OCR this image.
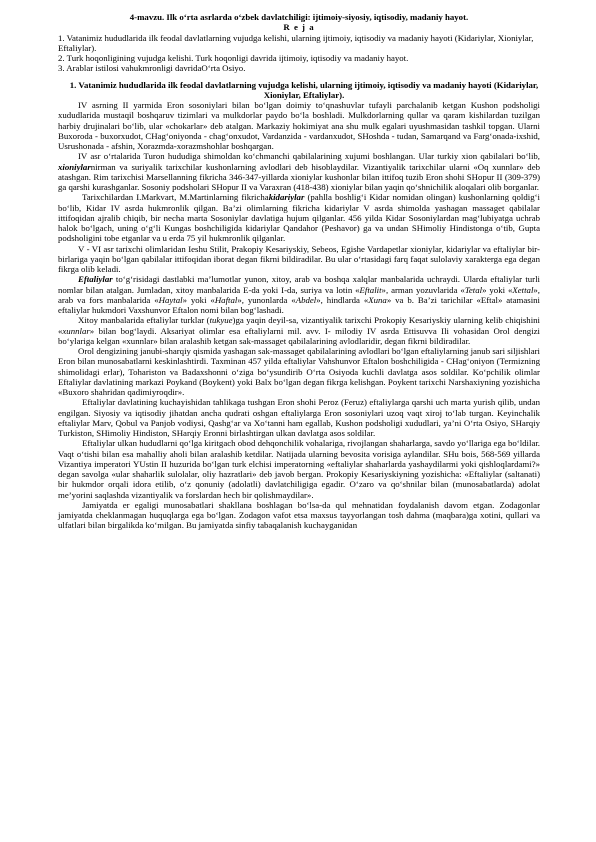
4-mavzu. Ilk o‘rta asrlarda o‘zbek davlatchiligi: ijtimoiy-siyosiy, iqtisodiy, madaniy hayot.
R e j a
1. Vatanimiz hududlarida ilk feodal davlatlarning vujudga kelishi, ularning ijtimoiy, iqtisodiy va madaniy hayoti (Kidariylar, Xioniylar, Eftaliylar).
2. Turk hoqonligining vujudga kelishi. Turk hoqonligi davrida ijtimoiy, iqtisodiy va madaniy hayot.
3. Arablar istilosi vahukmronligi davridaO‘rta Osiyo.
1. Vatanimiz hududlarida ilk feodal davlatlarning vujudga kelishi, ularning ijtimoiy, iqtisodiy va madaniy hayoti (Kidariylar, Xioniylar, Eftaliylar).

IV asrning II yarmida Eron sosoniylari bilan bo‘lgan doimiy to‘qnashuvlar tufayli parchalanib ketgan Kushon podsholigi xududlarida mustaqil boshqaruv tizimlari va mulkdorlar paydo bo‘la boshladi. Mulkdorlarning qullar va qaram kishilardan tuzilgan harbiy drujinalari bo‘lib, ular «chokarlar» deb atalgan. Markaziy hokimiyat ana shu mulk egalari uyushmasidan tashkil topgan. Ularni Buxoroda - buxorxudot, CHag‘oniyonda - chag‘onxudot, Vardanzida - vardanxudot, SHoshda - tudan, Samarqand va Farg‘onada-ixshid, Usrushonada - afshin, Xorazmda-xorazmshohlar boshqargan.

IV asr o‘rtalarida Turon hududiga shimoldan ko‘chmanchi qabilalarining xujumi boshlangan. Ular turkiy xion qabilalari bo‘lib, xioniylarnirman va suriyalik tarixchilar kushonlarning avlodlari deb hisoblaydilar. Vizantiyalik tarixchilar ularni «Oq xunnlar» deb atashgan. Rim tarixchisi Marsellanning fikricha 346-347-yillarda xioniylar kushonlar bilan ittifoq tuzib Eron shohi SHopur II (309-379) ga qarshi kurashganlar. Sosoniy podsholari SHopur II va Varaxran (418-438) xioniylar bilan yaqin qo‘shnichilik aloqalari olib borganlar.

Tarixchilardan I.Markvart, M.Martinlarning fikrichakidariylar (pahlla boshlig‘i Kidar nomidan olingan) kushonlarning qoldig‘i bo‘lib, Kidar IV asrda hukmronlik qilgan. Ba’zi olimlarning fikricha kidariylar V asrda shimolda yashagan massaget qabilalar ittifoqidan ajralib chiqib, bir necha marta Sosoniylar davlatiga hujum qilganlar. 456 yilda Kidar Sosoniylardan mag‘lubiyatga uchrab halok bo‘lgach, uning o‘g‘li Kungas boshchiligida kidariylar Qandahor (Peshavor) ga va undan SHimoliy Hindistonga o‘tib, Gupta podsholigini tobe etganlar va u erda 75 yil hukmronlik qilganlar.

V - VI asr tarixchi olimlaridan Ieshu Stilit, Prakopiy Kesariyskiy, Sebeos, Egishe Vardapetlar xioniylar, kidariylar va eftaliylar bir- birlariga yaqin bo‘lgan qabilalar ittifoqidan iborat degan fikrni bildiradilar. Bu ular o‘rtasidagi farq faqat sulolaviy xarakterga ega degan fikrga olib keladi.

Eftaliylar to‘g‘risidagi dastlabki ma’lumotlar yunon, xitoy, arab va boshqa xalqlar manbalarida uchraydi. Ularda eftaliylar turli nomlar bilan atalgan. Jumladan, xitoy manbalarida E-da yoki I-da, suriya va lotin «Eftalit», arman yozuvlarida «Tetal» yoki «Xettal», arab va fors manbalarida «Haytal» yoki «Haftal», yunonlarda «Abdel», hindlarda «Xuna» va b. Ba’zi tarichilar «Eftal» atamasini eftaliylar hukmdori Vaxshunvor Eftalon nomi bilan bog‘lashadi.

Xitoy manbalarida eftaliylar turklar (tukyue)ga yaqin deyil-sa, vizantiyalik tarixchi Prokopiy Kesariyskiy ularning kelib chiqishini «xunnlar» bilan bog‘laydi. Aksariyat olimlar esa eftaliylarni mil. avv. I- milodiy IV asrda Ettisuvva Ili vohasidan Orol dengizi bo‘ylariga kelgan «xunnlar» bilan aralashib ketgan sak-massaget qabilalarining avlodlaridir, degan fikrni bildiradilar.

Orol dengizining janubi-sharqiy qismida yashagan sak-massaget qabilalarining avlodlari bo‘lgan eftaliylarning janub sari siljishlari Eron bilan munosabatlarni keskinlashtirdi. Taxminan 457 yilda eftaliylar Vahshunvor Eftalon boshchiligida - CHag‘oniyon (Termizning shimolidagi erlar), Tohariston va Badaxshonni o‘ziga bo‘ysundirib O‘rta Osiyoda kuchli davlatga asos soldilar. Ko‘pchilik olimlar Eftaliylar davlatining markazi Poykand (Boykent) yoki Balx bo‘lgan degan fikrga kelishgan. Poykent tarixchi Narshaxiyning yozishicha «Buxoro shahridan qadimiyroqdir».

Eftaliylar davlatining kuchayishidan tahlikaga tushgan Eron shohi Peroz (Feruz) eftaliylarga qarshi uch marta yurish qilib, undan engilgan. Siyosiy va iqtisodiy jihatdan ancha qudrati oshgan eftaliylarga Eron sosoniylari uzoq vaqt xiroj to‘lab turgan. Keyinchalik eftaliylar Marv, Qobul va Panjob vodiysi, Qashg‘ar va Xo‘tanni ham egallab, Kushon podsholigi xududlari, ya’ni O‘rta Osiyo, SHarqiy Turkiston, SHimoliy Hindiston, SHarqiy Eronni birlashtirgan ulkan davlatga asos soldilar.

Eftaliylar ulkan hududlarni qo‘lga kiritgach obod dehqonchilik vohalariga, rivojlangan shaharlarga, savdo yo‘llariga ega bo‘ldilar. Vaqt o‘tishi bilan esa mahalliy aholi bilan aralashib ketdilar. Natijada ularning bevosita vorisiga aylandilar. SHu bois, 568-569 yillarda Vizantiya imperatori YUstin II huzurida bo‘lgan turk elchisi imperatorning «eftaliylar shaharlarda yashaydilarmi yoki qishloqlardami?» degan savolga «ular shaharlik sulolalar, oliy hazratlari» deb javob bergan. Prokopiy Kesariyskiyning yozishicha: «Eftaliylar (saltanati) bir hukmdor orqali idora etilib, o‘z qonuniy (adolatli) davlatchiligiga egadir. O‘zaro va qo‘shnilar bilan (munosabatlarda) adolat me’yorini saqlashda vizantiyalik va forslardan hech bir qolishmaydilar».

Jamiyatda er egaligi munosabatlari shakllana boshlagan bo‘lsa-da qul mehnatidan foydalanish davom etgan. Zodagonlar jamiyatda cheklanmagan huquqlarga ega bo‘lgan. Zodagon vafot etsa maxsus tayyorlangan tosh dahma (maqbara)ga xotini, qullari va ulfatlari bilan birgalikda ko‘milgan. Bu jamiyatda sinfiy tabaqalanish kuchayganidan
